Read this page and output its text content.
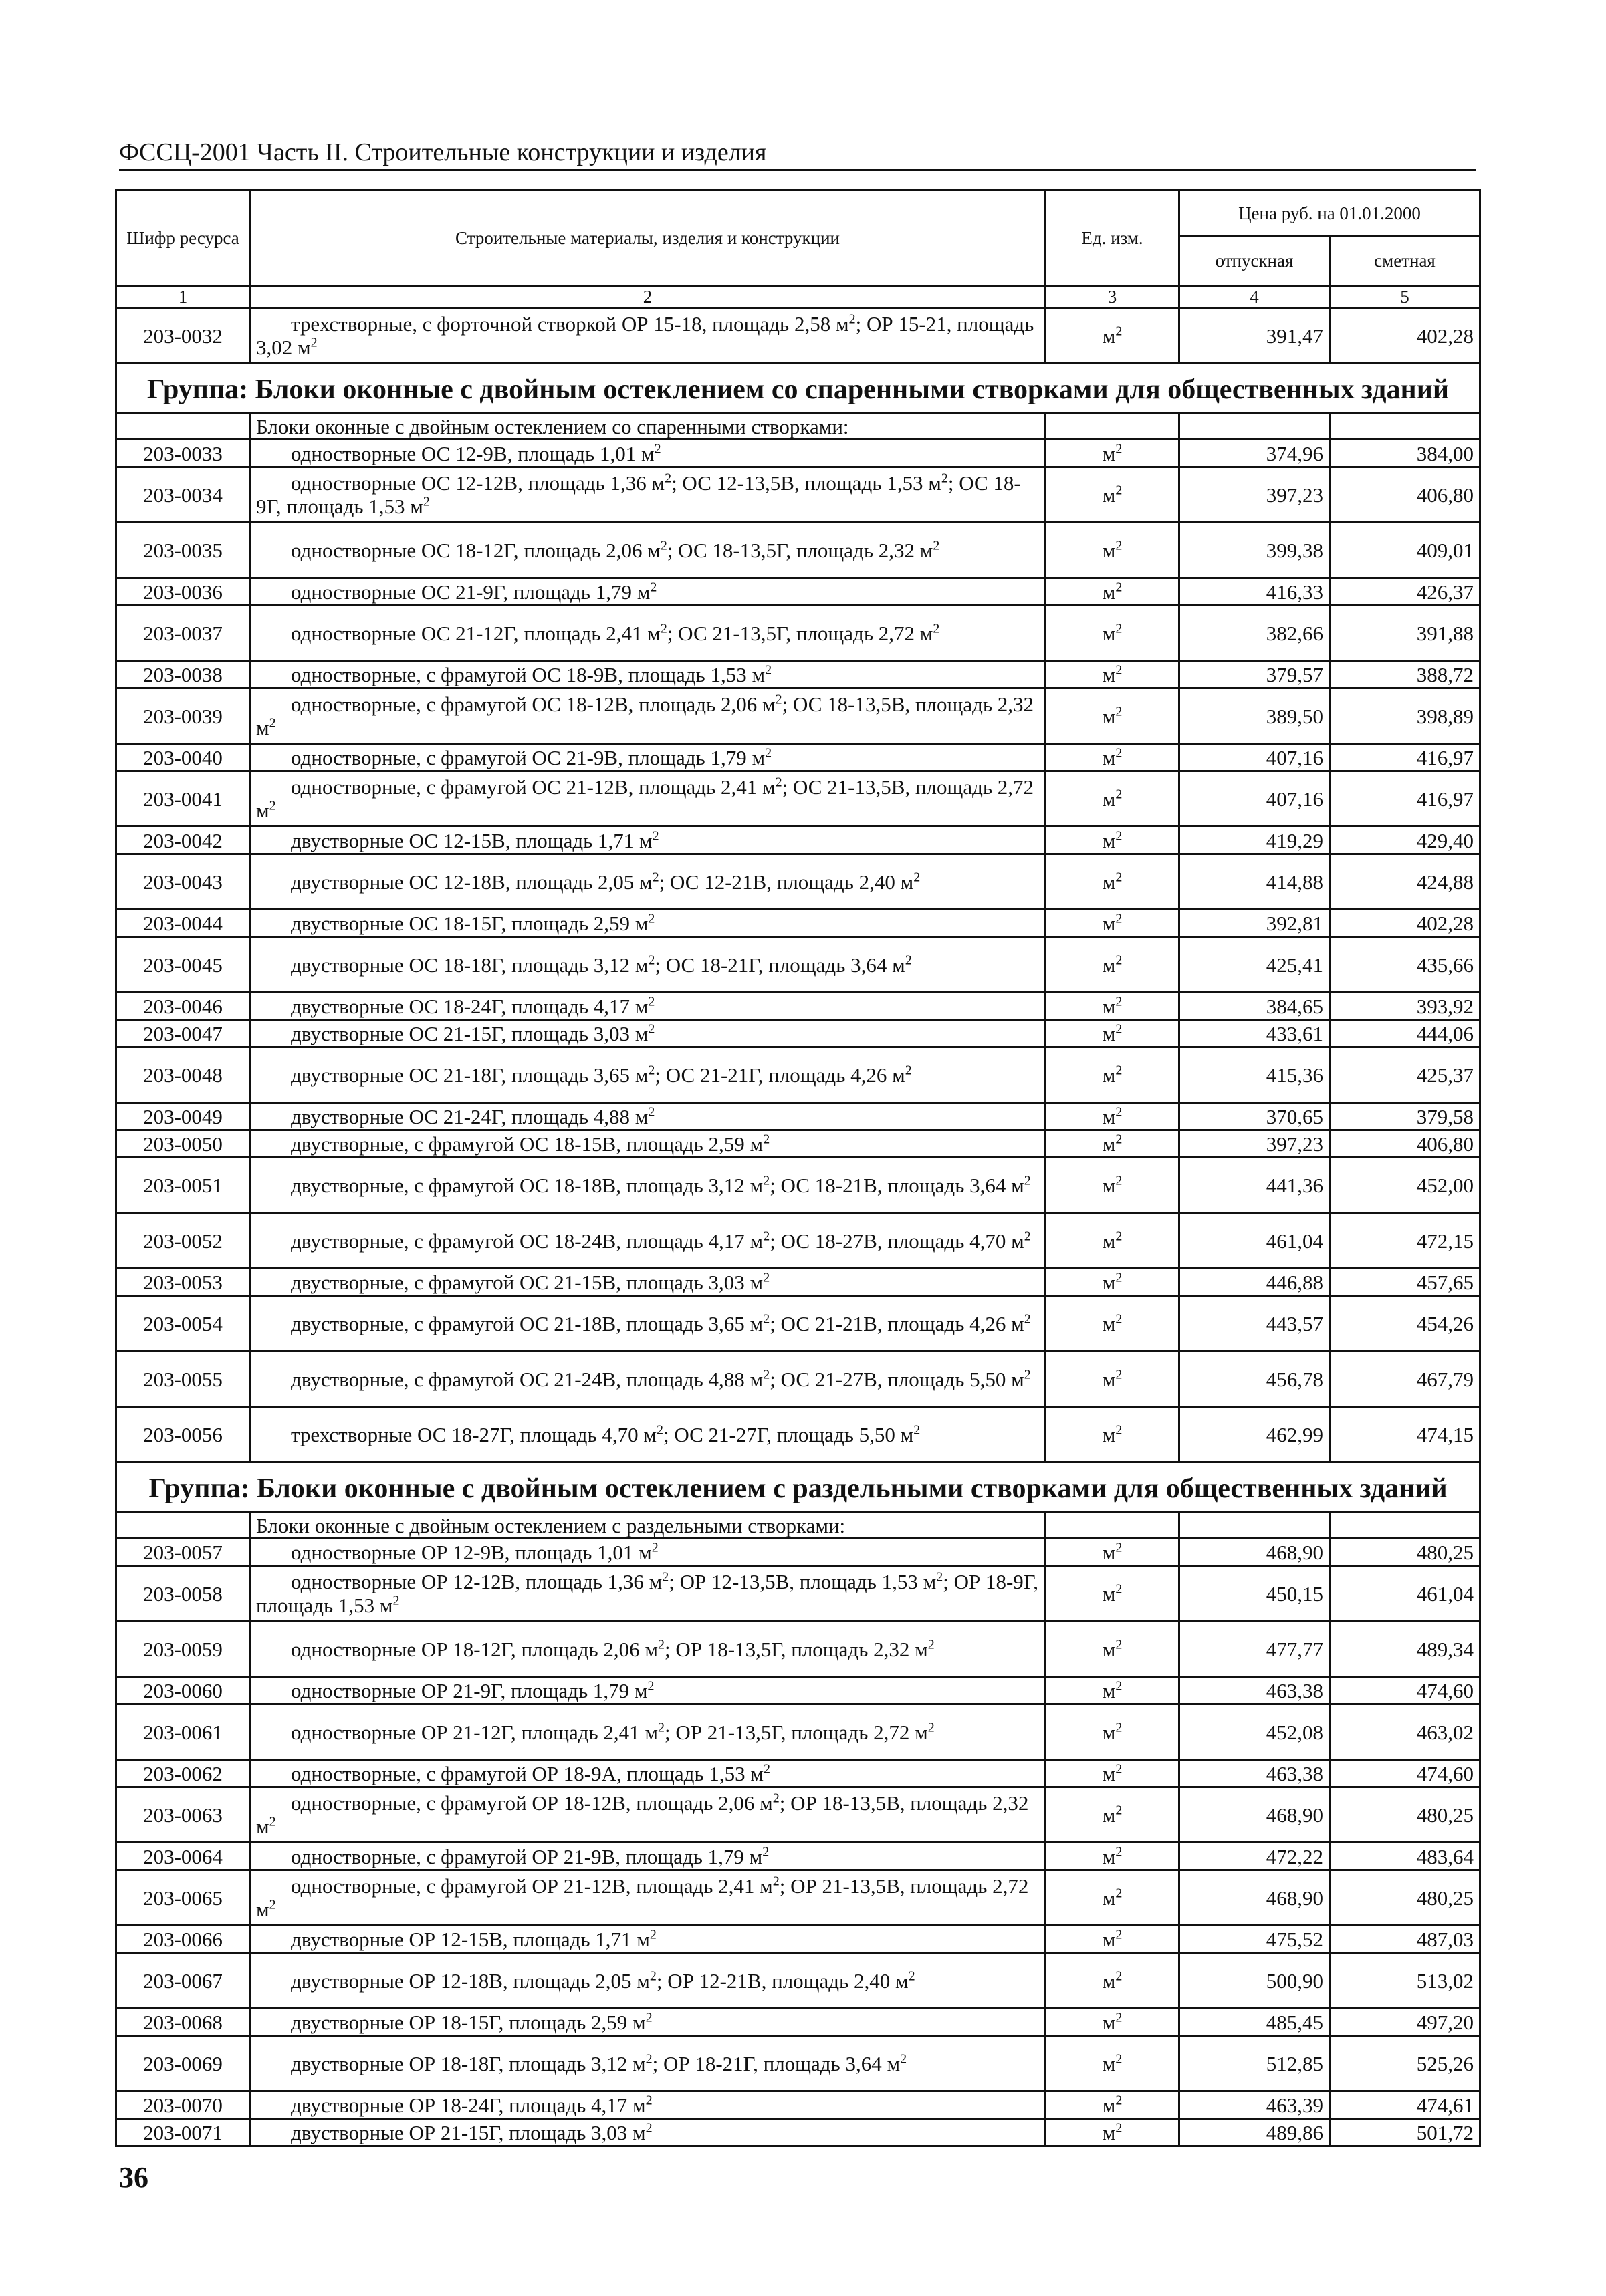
ФССЦ-2001 Часть II. Строительные конструкции и изделия
Шифр ресурса	Строительные материалы, изделия и конструкции	Ед. изм.	Цена руб. на 01.01.2000	
			отпускная	сметная
1	2	3	4	5
203-0032	трехстворные, с форточной створкой ОР 15-18, площадь 2,58 $м^2$; ОР 15-21, площадь 3,02 $м^2$	$м^2$	391,47	402,28
Группа: Блоки оконные с двойным остеклением со спаренными створками для общественных зданий				
	Блоки оконные с двойным остеклением со спаренными створками:			
203-0033	одностворные ОС 12-9В, площадь 1,01 $м^2$	$м^2$	374,96	384,00
203-0034	одностворные ОС 12-12В, площадь 1,36 $м^2$; ОС 12-13,5В, площадь 1,53 $м^2$; ОС 18-9Г, площадь 1,53 $м^2$	$м^2$	397,23	406,80
203-0035	одностворные ОС 18-12Г, площадь 2,06 $м^2$; ОС 18-13,5Г, площадь 2,32 $м^2$	$м^2$	399,38	409,01
203-0036	одностворные ОС 21-9Г, площадь 1,79 $м^2$	$м^2$	416,33	426,37
203-0037	одностворные ОС 21-12Г, площадь 2,41 $м^2$; ОС 21-13,5Г, площадь 2,72 $м^2$	$м^2$	382,66	391,88
203-0038	одностворные, с фрамугой ОС 18-9В, площадь 1,53 $м^2$	$м^2$	379,57	388,72
203-0039	одностворные, с фрамугой ОС 18-12В, площадь 2,06 $м^2$; ОС 18-13,5В, площадь 2,32 $м^2$	$м^2$	389,50	398,89
203-0040	одностворные, с фрамугой ОС 21-9В, площадь 1,79 $м^2$	$м^2$	407,16	416,97
203-0041	одностворные, с фрамугой ОС 21-12В, площадь 2,41 $м^2$; ОС 21-13,5В, площадь 2,72 $м^2$	$м^2$	407,16	416,97
203-0042	двустворные ОС 12-15В, площадь 1,71 $м^2$	$м^2$	419,29	429,40
203-0043	двустворные ОС 12-18В, площадь 2,05 $м^2$; ОС 12-21В, площадь 2,40 $м^2$	$м^2$	414,88	424,88
203-0044	двустворные ОС 18-15Г, площадь 2,59 $м^2$	$м^2$	392,81	402,28
203-0045	двустворные ОС 18-18Г, площадь 3,12 $м^2$; ОС 18-21Г, площадь 3,64 $м^2$	$м^2$	425,41	435,66
203-0046	двустворные ОС 18-24Г, площадь 4,17 $м^2$	$м^2$	384,65	393,92
203-0047	двустворные ОС 21-15Г, площадь 3,03 $м^2$	$м^2$	433,61	444,06
203-0048	двустворные ОС 21-18Г, площадь 3,65 $м^2$; ОС 21-21Г, площадь 4,26 $м^2$	$м^2$	415,36	425,37
203-0049	двустворные ОС 21-24Г, площадь 4,88 $м^2$	$м^2$	370,65	379,58
203-0050	двустворные, с фрамугой ОС 18-15В, площадь 2,59 $м^2$	$м^2$	397,23	406,80
203-0051	двустворные, с фрамугой ОС 18-18В, площадь 3,12 $м^2$; ОС 18-21В, площадь 3,64 $м^2$	$м^2$	441,36	452,00
203-0052	двустворные, с фрамугой ОС 18-24В, площадь 4,17 $м^2$; ОС 18-27В, площадь 4,70 $м^2$	$м^2$	461,04	472,15
203-0053	двустворные, с фрамугой ОС 21-15В, площадь 3,03 $м^2$	$м^2$	446,88	457,65
203-0054	двустворные, с фрамугой ОС 21-18В, площадь 3,65 $м^2$; ОС 21-21В, площадь 4,26 $м^2$	$м^2$	443,57	454,26
203-0055	двустворные, с фрамугой ОС 21-24В, площадь 4,88 $м^2$; ОС 21-27В, площадь 5,50 $м^2$	$м^2$	456,78	467,79
203-0056	трехстворные ОС 18-27Г, площадь 4,70 $м^2$; ОС 21-27Г, площадь 5,50 $м^2$	$м^2$	462,99	474,15
Группа: Блоки оконные с двойным остеклением с раздельными створками для общественных зданий				
	Блоки оконные с двойным остеклением с раздельными створками:			
203-0057	одностворные ОР 12-9В, площадь 1,01 $м^2$	$м^2$	468,90	480,25
203-0058	одностворные ОР 12-12В, площадь 1,36 $м^2$; ОР 12-13,5В, площадь 1,53 $м^2$; ОР 18-9Г, площадь 1,53 $м^2$	$м^2$	450,15	461,04
203-0059	одностворные ОР 18-12Г, площадь 2,06 $м^2$; ОР 18-13,5Г, площадь 2,32 $м^2$	$м^2$	477,77	489,34
203-0060	одностворные ОР 21-9Г, площадь 1,79 $м^2$	$м^2$	463,38	474,60
203-0061	одностворные ОР 21-12Г, площадь 2,41 $м^2$; ОР 21-13,5Г, площадь 2,72 $м^2$	$м^2$	452,08	463,02
203-0062	одностворные, с фрамугой ОР 18-9А, площадь 1,53 $м^2$	$м^2$	463,38	474,60
203-0063	одностворные, с фрамугой ОР 18-12В, площадь 2,06 $м^2$; ОР 18-13,5В, площадь 2,32 $м^2$	$м^2$	468,90	480,25
203-0064	одностворные, с фрамугой ОР 21-9В, площадь 1,79 $м^2$	$м^2$	472,22	483,64
203-0065	одностворные, с фрамугой ОР 21-12В, площадь 2,41 $м^2$; ОР 21-13,5В, площадь 2,72 $м^2$	$м^2$	468,90	480,25
203-0066	двустворные ОР 12-15В, площадь 1,71 $м^2$	$м^2$	475,52	487,03
203-0067	двустворные ОР 12-18В, площадь 2,05 $м^2$; ОР 12-21В, площадь 2,40 $м^2$	$м^2$	500,90	513,02
203-0068	двустворные ОР 18-15Г, площадь 2,59 $м^2$	$м^2$	485,45	497,20
203-0069	двустворные ОР 18-18Г, площадь 3,12 $м^2$; ОР 18-21Г, площадь 3,64 $м^2$	$м^2$	512,85	525,26
203-0070	двустворные ОР 18-24Г, площадь 4,17 $м^2$	$м^2$	463,39	474,61
203-0071	двустворные ОР 21-15Г, площадь 3,03 $м^2$	$м^2$	489,86	501,72
36
